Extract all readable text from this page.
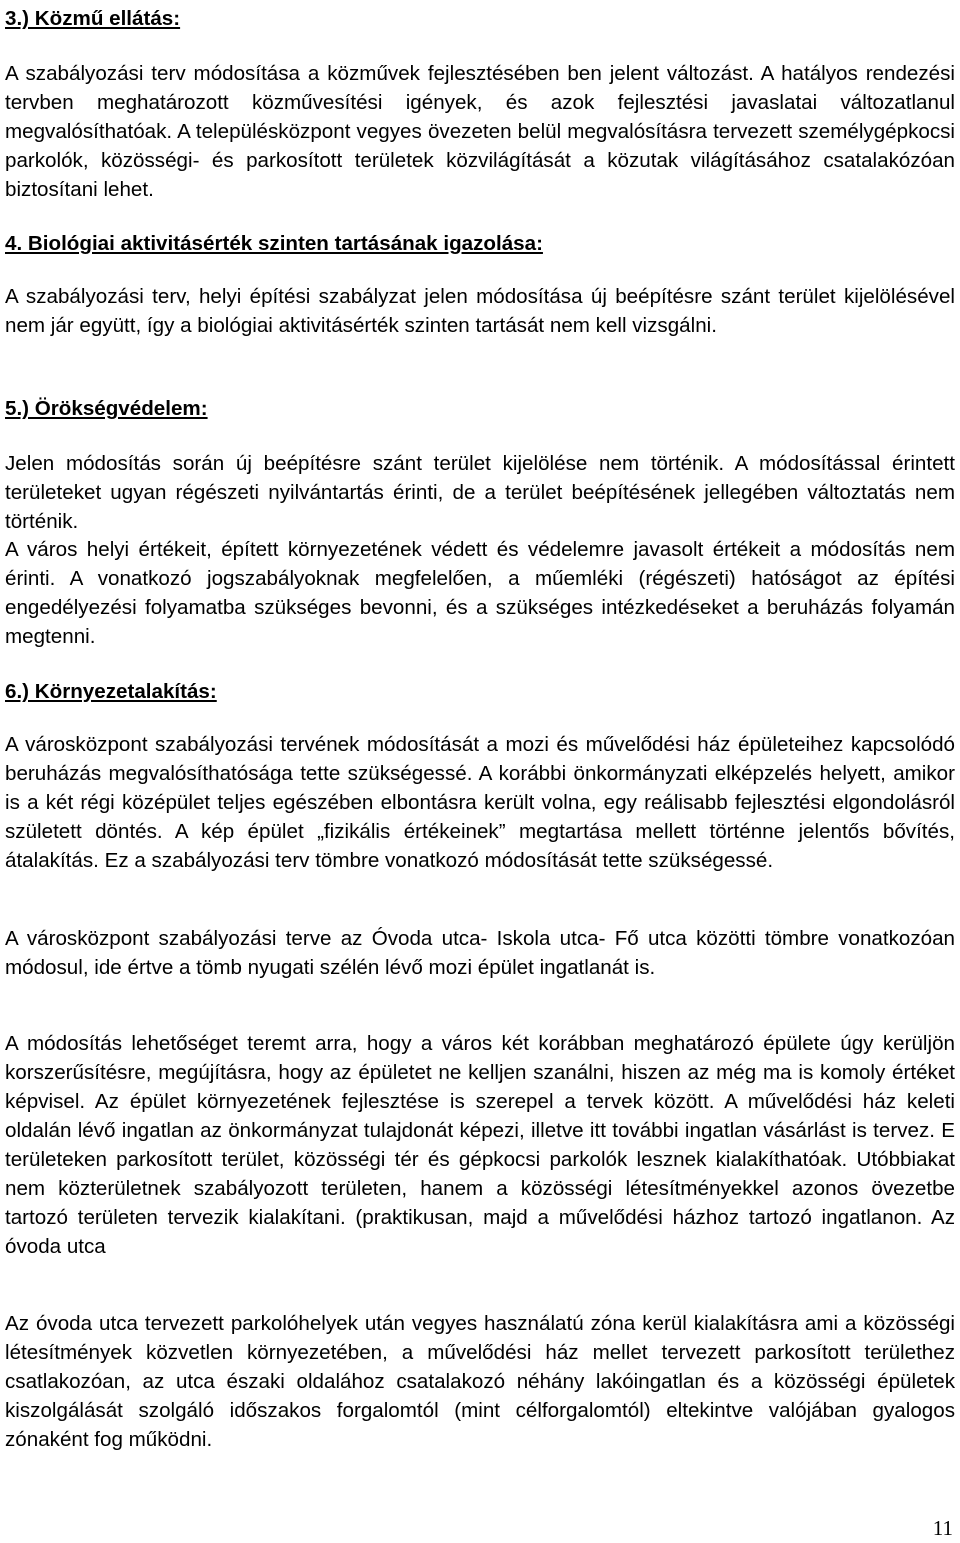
3.) Közmű ellátás:

A szabályozási terv módosítása a közművek fejlesztésében ben jelent változást. A hatályos rendezési tervben meghatározott közművesítési igények, és azok fejlesztési javaslatai változatlanul megvalósíthatóak. A településközpont vegyes övezeten belül megvalósításra tervezett személygépkocsi parkolók, közösségi- és parkosított területek közvilágítását a közutak világításához csatalakózóan biztosítani lehet.

4. Biológiai aktivitásérték szinten tartásának igazolása:

A szabályozási terv, helyi építési szabályzat jelen módosítása új beépítésre szánt terület kijelölésével nem jár együtt, így a biológiai aktivitásérték szinten tartását nem kell vizsgálni.

5.) Örökségvédelem:

Jelen módosítás során új beépítésre szánt terület kijelölése nem történik. A módosítással érintett területeket ugyan régészeti nyilvántartás érinti, de a terület beépítésének jellegében változtatás nem történik.

A város helyi értékeit, épített környezetének védett és védelemre javasolt értékeit a módosítás nem érinti. A vonatkozó jogszabályoknak megfelelően, a műemléki (régészeti) hatóságot az építési engedélyezési folyamatba szükséges bevonni, és a szükséges intézkedéseket a beruházás folyamán megtenni.

6.) Környezetalakítás:

A városközpont szabályozási tervének módosítását a mozi és művelődési ház épületeihez kapcsolódó beruházás megvalósíthatósága tette szükségessé. A korábbi önkormányzati elképzelés helyett, amikor is a két régi középület teljes egészében elbontásra került volna, egy reálisabb fejlesztési elgondolásról született döntés. A kép épület „fizikális értékeinek” megtartása mellett történne jelentős bővítés, átalakítás. Ez a szabályozási terv tömbre vonatkozó módosítását tette szükségessé.

A városközpont szabályozási terve az Óvoda utca- Iskola utca- Fő utca közötti tömbre vonatkozóan módosul, ide értve a tömb nyugati szélén lévő mozi épület ingatlanát is.

A módosítás lehetőséget teremt arra, hogy a város két korábban meghatározó épülete úgy kerüljön korszerűsítésre, megújításra, hogy az épületet ne kelljen szanálni, hiszen az még ma is komoly értéket képvisel. Az épület környezetének fejlesztése is szerepel a tervek között. A művelődési ház keleti oldalán lévő ingatlan az önkormányzat tulajdonát képezi, illetve itt további ingatlan vásárlást is tervez. E területeken parkosított terület, közösségi tér és gépkocsi parkolók lesznek kialakíthatóak. Utóbbiakat nem közterületnek szabályozott területen, hanem a közösségi létesítményekkel azonos övezetbe tartozó területen tervezik kialakítani. (praktikusan, majd a művelődési házhoz tartozó ingatlanon. Az óvoda utca

Az óvoda utca tervezett parkolóhelyek után vegyes használatú zóna kerül kialakításra ami a közösségi létesítmények közvetlen környezetében, a művelődési ház mellet tervezett parkosított területhez csatlakozóan, az utca északi oldalához csatalakozó néhány lakóingatlan és a közösségi épületek kiszolgálását szolgáló időszakos forgalomtól (mint célforgalomtól) eltekintve valójában gyalogos zónaként fog működni.

11
